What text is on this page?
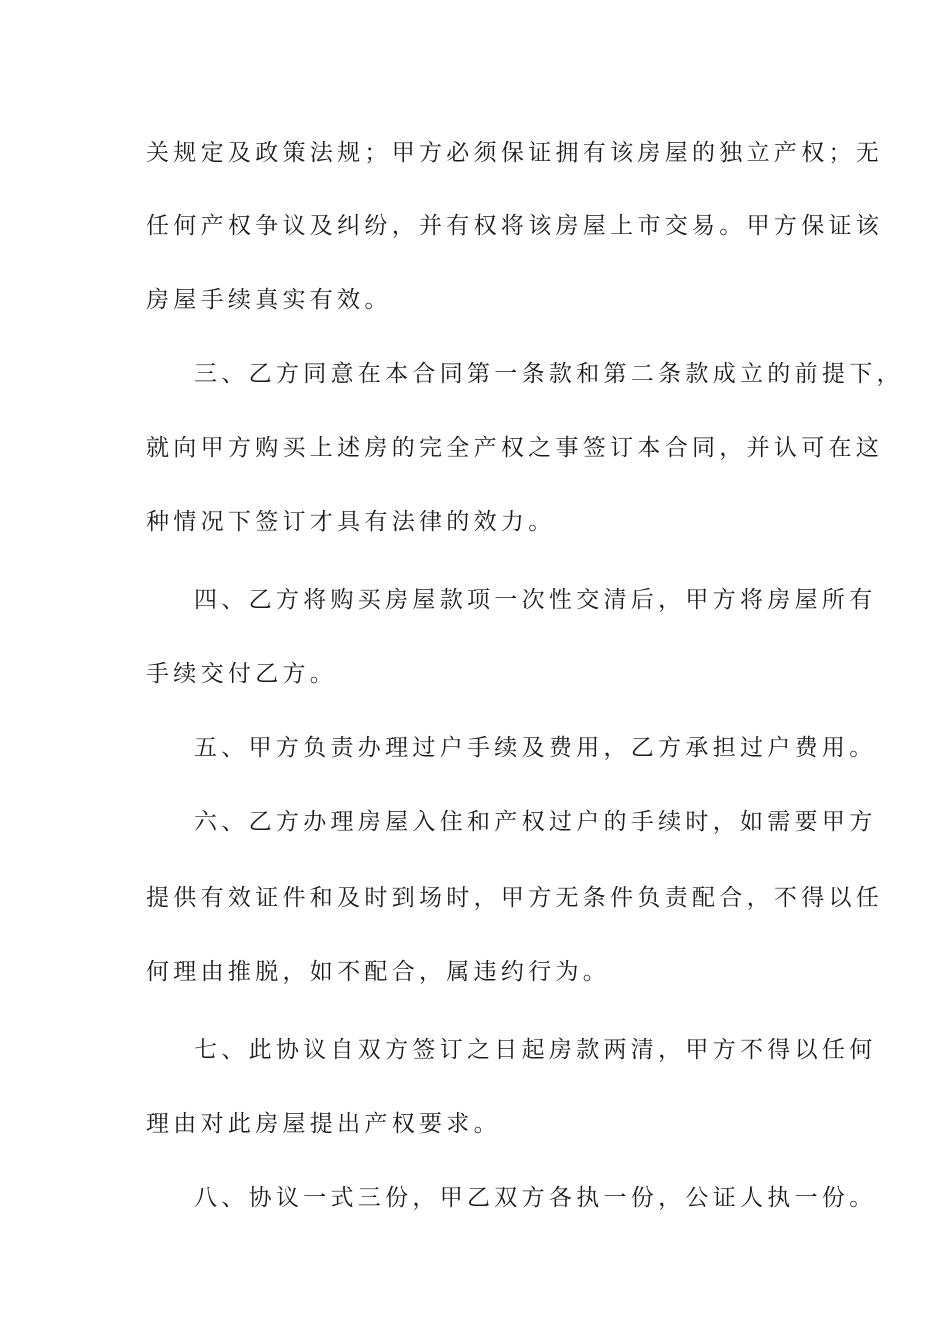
关规定及政策法规；甲方必须保证拥有该房屋的独立产权；无
任何产权争议及纠纷，并有权将该房屋上市交易。甲方保证该
房屋手续真实有效。
三、乙方同意在本合同第一条款和第二条款成立的前提下，
就向甲方购买上述房的完全产权之事签订本合同，并认可在这
种情况下签订才具有法律的效力。
四、乙方将购买房屋款项一次性交清后，甲方将房屋所有
手续交付乙方。
五、甲方负责办理过户手续及费用，乙方承担过户费用。
六、乙方办理房屋入住和产权过户的手续时，如需要甲方
提供有效证件和及时到场时，甲方无条件负责配合，不得以任
何理由推脱，如不配合，属违约行为。
七、此协议自双方签订之日起房款两清，甲方不得以任何
理由对此房屋提出产权要求。
八、协议一式三份，甲乙双方各执一份，公证人执一份。
